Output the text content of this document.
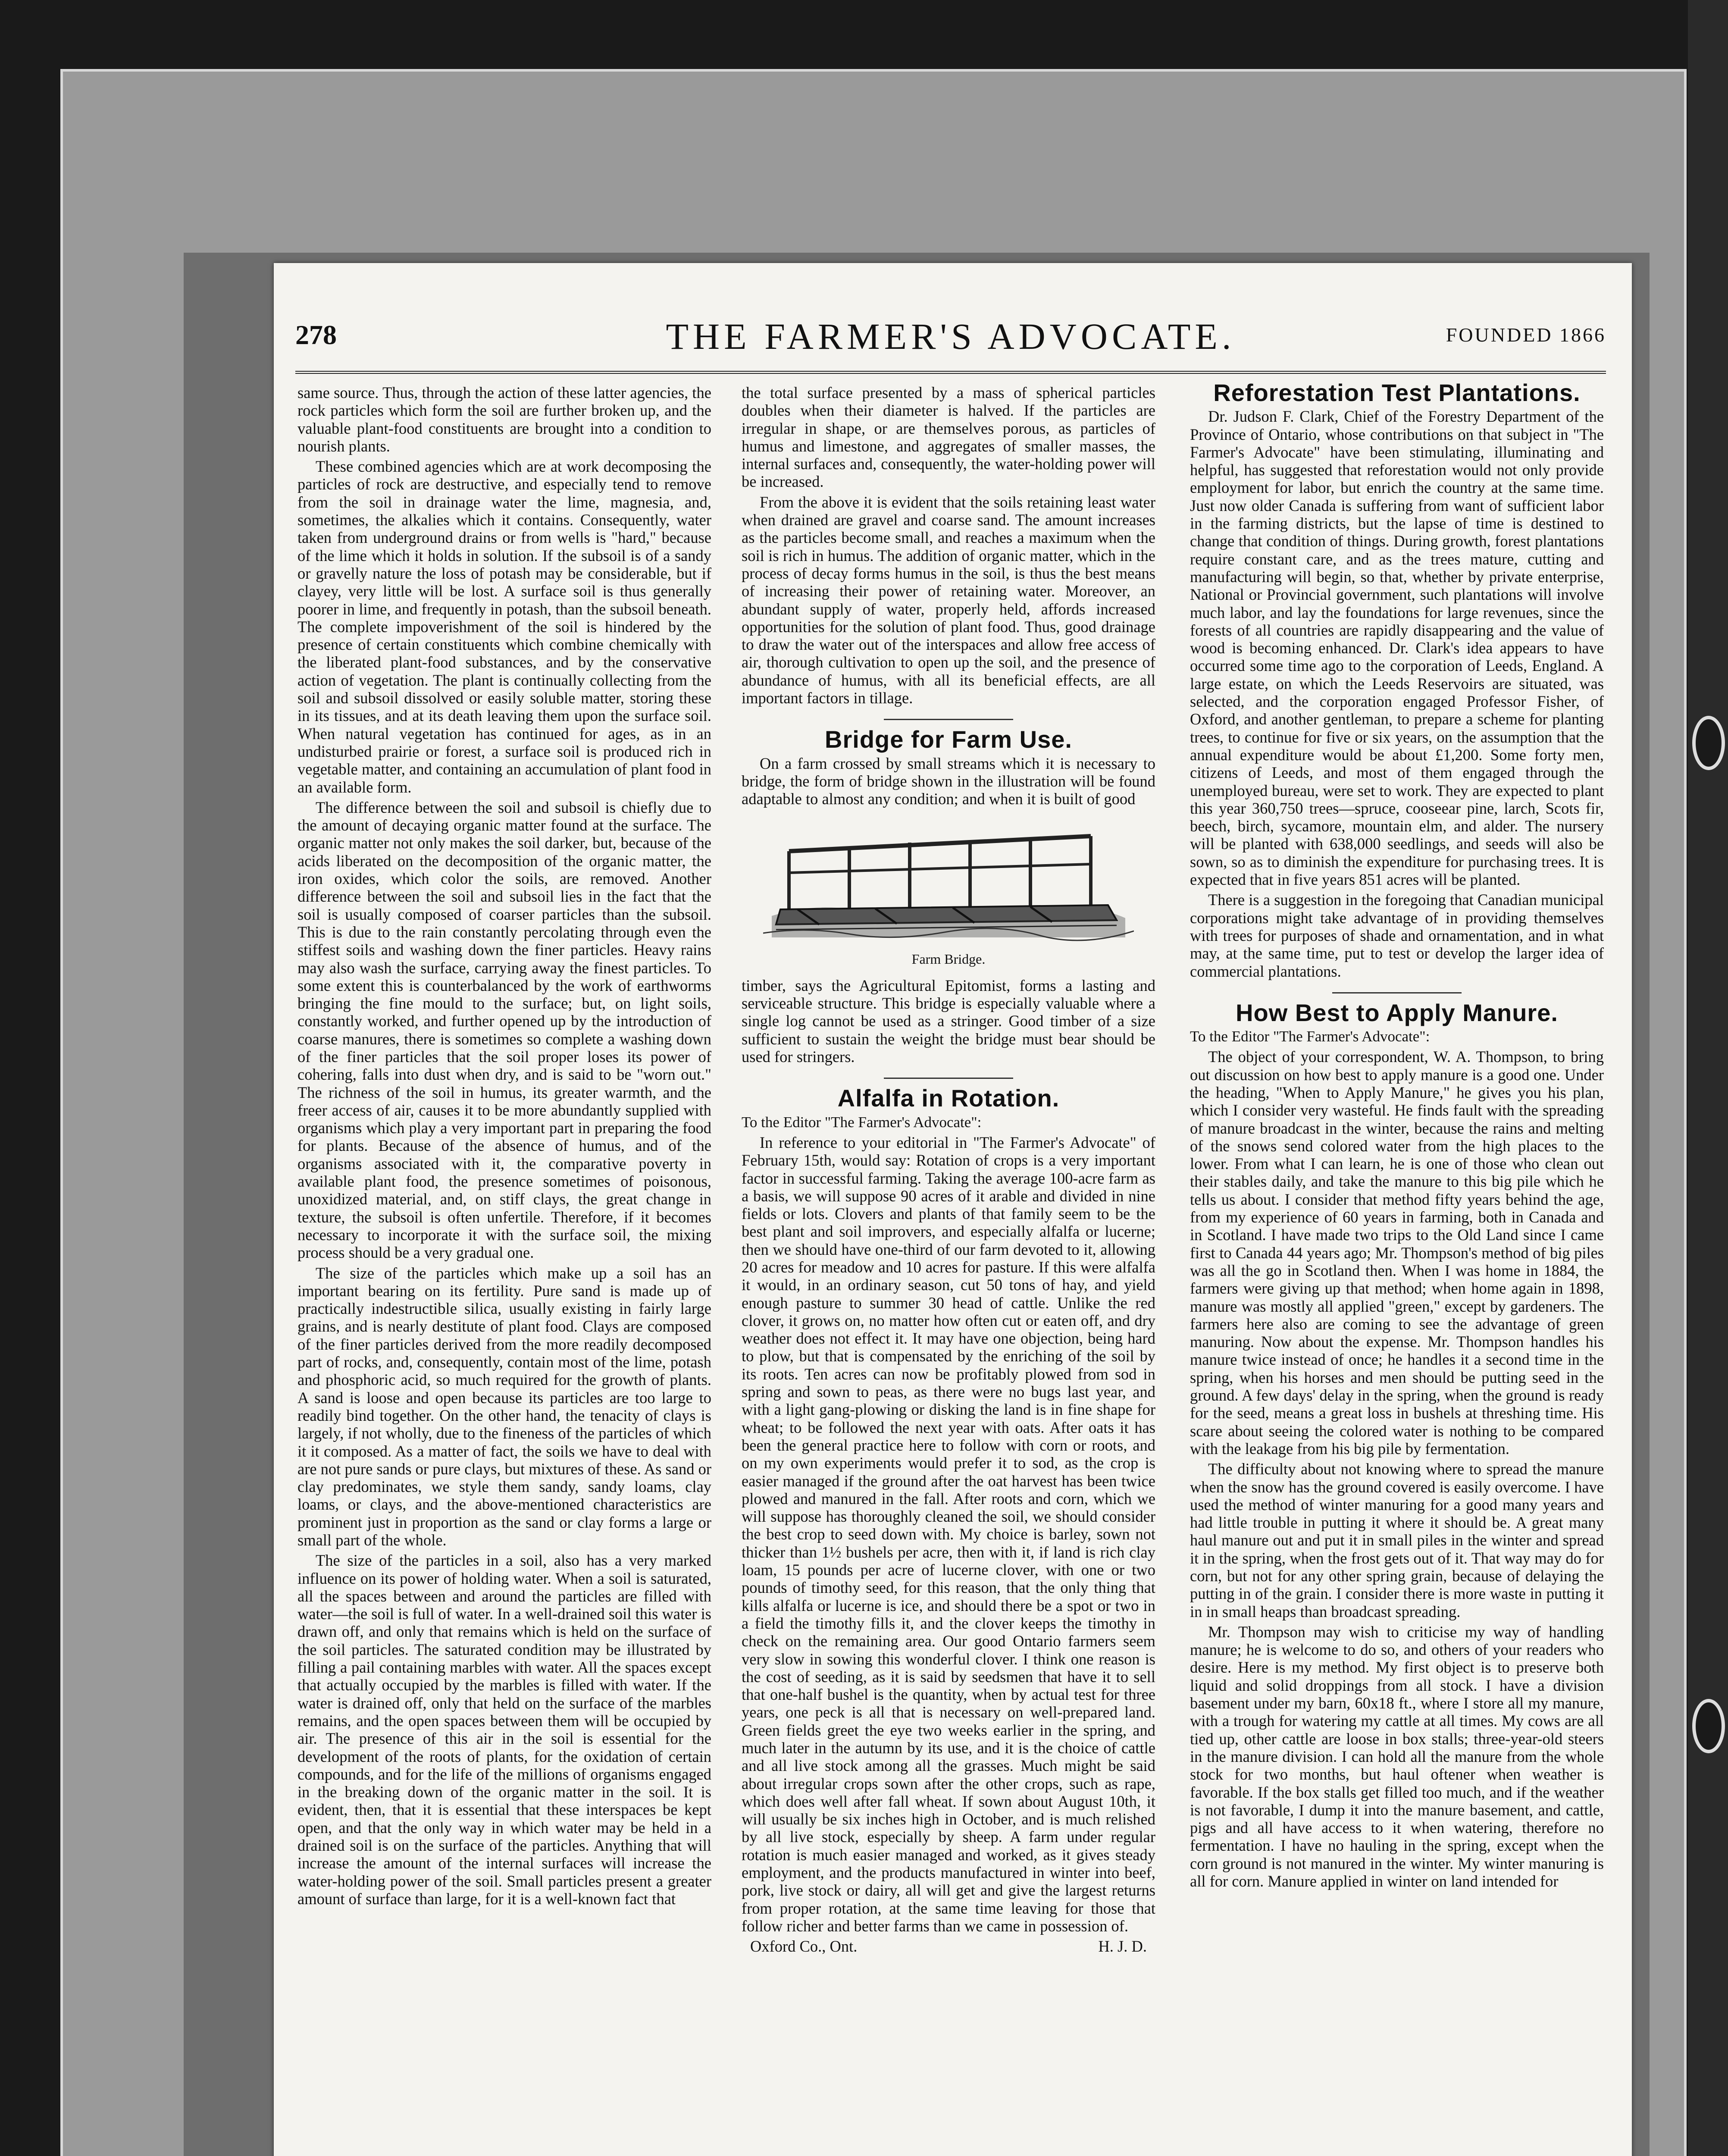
278	THE FARMER'S ADVOCATE.	FOUNDED 1866

same source. Thus, through the action of these latter agencies, the rock particles which form the soil are further broken up, and the valuable plant-food constituents are brought into a condition to nourish plants.

These combined agencies which are at work decomposing the particles of rock are destructive, and especially tend to remove from the soil in drainage water the lime, magnesia, and, sometimes, the alkalies which it contains. Consequently, water taken from underground drains or from wells is "hard," because of the lime which it holds in solution. If the subsoil is of a sandy or gravelly nature the loss of potash may be considerable, but if clayey, very little will be lost. A surface soil is thus generally poorer in lime, and frequently in potash, than the subsoil beneath. The complete impoverishment of the soil is hindered by the presence of certain constituents which combine chemically with the liberated plant-food substances, and by the conservative action of vegetation. The plant is continually collecting from the soil and subsoil dissolved or easily soluble matter, storing these in its tissues, and at its death leaving them upon the surface soil. When natural vegetation has continued for ages, as in an undisturbed prairie or forest, a surface soil is produced rich in vegetable matter, and containing an accumulation of plant food in an available form.

The difference between the soil and subsoil is chiefly due to the amount of decaying organic matter found at the surface. The organic matter not only makes the soil darker, but, because of the acids liberated on the decomposition of the organic matter, the iron oxides, which color the soils, are removed. Another difference between the soil and subsoil lies in the fact that the soil is usually composed of coarser particles than the subsoil. This is due to the rain constantly percolating through even the stiffest soils and washing down the finer particles. Heavy rains may also wash the surface, carrying away the finest particles. To some extent this is counterbalanced by the work of earthworms bringing the fine mould to the surface; but, on light soils, constantly worked, and further opened up by the introduction of coarse manures, there is sometimes so complete a washing down of the finer particles that the soil proper loses its power of cohering, falls into dust when dry, and is said to be "worn out." The richness of the soil in humus, its greater warmth, and the freer access of air, causes it to be more abundantly supplied with organisms which play a very important part in preparing the food for plants. Because of the absence of humus, and of the organisms associated with it, the comparative poverty in available plant food, the presence sometimes of poisonous, unoxidized material, and, on stiff clays, the great change in texture, the subsoil is often unfertile. Therefore, if it becomes necessary to incorporate it with the surface soil, the mixing process should be a very gradual one.

The size of the particles which make up a soil has an important bearing on its fertility. Pure sand is made up of practically indestructible silica, usually existing in fairly large grains, and is nearly destitute of plant food. Clays are composed of the finer particles derived from the more readily decomposed part of rocks, and, consequently, contain most of the lime, potash and phosphoric acid, so much required for the growth of plants. A sand is loose and open because its particles are too large to readily bind together. On the other hand, the tenacity of clays is largely, if not wholly, due to the fineness of the particles of which it it composed. As a matter of fact, the soils we have to deal with are not pure sands or pure clays, but mixtures of these. As sand or clay predominates, we style them sandy, sandy loams, clay loams, or clays, and the above-mentioned characteristics are prominent just in proportion as the sand or clay forms a large or small part of the whole.

The size of the particles in a soil, also has a very marked influence on its power of holding water. When a soil is saturated, all the spaces between and around the particles are filled with water—the soil is full of water. In a well-drained soil this water is drawn off, and only that remains which is held on the surface of the soil particles. The saturated condition may be illustrated by filling a pail containing marbles with water. All the spaces except that actually occupied by the marbles is filled with water. If the water is drained off, only that held on the surface of the marbles remains, and the open spaces between them will be occupied by air. The presence of this air in the soil is essential for the development of the roots of plants, for the oxidation of certain compounds, and for the life of the millions of organisms engaged in the breaking down of the organic matter in the soil. It is evident, then, that it is essential that these interspaces be kept open, and that the only way in which water may be held in a drained soil is on the surface of the particles. Anything that will increase the amount of the internal surfaces will increase the water-holding power of the soil. Small particles present a greater amount of surface than large, for it is a well-known fact that

the total surface presented by a mass of spherical particles doubles when their diameter is halved. If the particles are irregular in shape, or are themselves porous, as particles of humus and limestone, and aggregates of smaller masses, the internal surfaces and, consequently, the water-holding power will be increased.

From the above it is evident that the soils retaining least water when drained are gravel and coarse sand. The amount increases as the particles become small, and reaches a maximum when the soil is rich in humus. The addition of organic matter, which in the process of decay forms humus in the soil, is thus the best means of increasing their power of retaining water. Moreover, an abundant supply of water, properly held, affords increased opportunities for the solution of plant food. Thus, good drainage to draw the water out of the interspaces and allow free access of air, thorough cultivation to open up the soil, and the presence of abundance of humus, with all its beneficial effects, are all important factors in tillage.

Bridge for Farm Use.

On a farm crossed by small streams which it is necessary to bridge, the form of bridge shown in the illustration will be found adaptable to almost any condition; and when it is built of good

Farm Bridge.

timber, says the Agricultural Epitomist, forms a lasting and serviceable structure. This bridge is especially valuable where a single log cannot be used as a stringer. Good timber of a size sufficient to sustain the weight the bridge must bear should be used for stringers.

Alfalfa in Rotation.

To the Editor "The Farmer's Advocate":

In reference to your editorial in "The Farmer's Advocate" of February 15th, would say: Rotation of crops is a very important factor in successful farming. Taking the average 100-acre farm as a basis, we will suppose 90 acres of it arable and divided in nine fields or lots. Clovers and plants of that family seem to be the best plant and soil improvers, and especially alfalfa or lucerne; then we should have one-third of our farm devoted to it, allowing 20 acres for meadow and 10 acres for pasture. If this were alfalfa it would, in an ordinary season, cut 50 tons of hay, and yield enough pasture to summer 30 head of cattle. Unlike the red clover, it grows on, no matter how often cut or eaten off, and dry weather does not effect it. It may have one objection, being hard to plow, but that is compensated by the enriching of the soil by its roots. Ten acres can now be profitably plowed from sod in spring and sown to peas, as there were no bugs last year, and with a light gang-plowing or disking the land is in fine shape for wheat; to be followed the next year with oats. After oats it has been the general practice here to follow with corn or roots, and on my own experiments would prefer it to sod, as the crop is easier managed if the ground after the oat harvest has been twice plowed and manured in the fall. After roots and corn, which we will suppose has thoroughly cleaned the soil, we should consider the best crop to seed down with. My choice is barley, sown not thicker than 1½ bushels per acre, then with it, if land is rich clay loam, 15 pounds per acre of lucerne clover, with one or two pounds of timothy seed, for this reason, that the only thing that kills alfalfa or lucerne is ice, and should there be a spot or two in a field the timothy fills it, and the clover keeps the timothy in check on the remaining area. Our good Ontario farmers seem very slow in sowing this wonderful clover. I think one reason is the cost of seeding, as it is said by seedsmen that have it to sell that one-half bushel is the quantity, when by actual test for three years, one peck is all that is necessary on well-prepared land. Green fields greet the eye two weeks earlier in the spring, and much later in the autumn by its use, and it is the choice of cattle and all live stock among all the grasses. Much might be said about irregular crops sown after the other crops, such as rape, which does well after fall wheat. If sown about August 10th, it will usually be six inches high in October, and is much relished by all live stock, especially by sheep. A farm under regular rotation is much easier managed and worked, as it gives steady employment, and the products manufactured in winter into beef, pork, live stock or dairy, all will get and give the largest returns from proper rotation, at the same time leaving for those that follow richer and better farms than we came in possession of.

Oxford Co., Ont.	H. J. D.

Reforestation Test Plantations.

Dr. Judson F. Clark, Chief of the Forestry Department of the Province of Ontario, whose contributions on that subject in "The Farmer's Advocate" have been stimulating, illuminating and helpful, has suggested that reforestation would not only provide employment for labor, but enrich the country at the same time. Just now older Canada is suffering from want of sufficient labor in the farming districts, but the lapse of time is destined to change that condition of things. During growth, forest plantations require constant care, and as the trees mature, cutting and manufacturing will begin, so that, whether by private enterprise, National or Provincial government, such plantations will involve much labor, and lay the foundations for large revenues, since the forests of all countries are rapidly disappearing and the value of wood is becoming enhanced. Dr. Clark's idea appears to have occurred some time ago to the corporation of Leeds, England. A large estate, on which the Leeds Reservoirs are situated, was selected, and the corporation engaged Professor Fisher, of Oxford, and another gentleman, to prepare a scheme for planting trees, to continue for five or six years, on the assumption that the annual expenditure would be about £1,200. Some forty men, citizens of Leeds, and most of them engaged through the unemployed bureau, were set to work. They are expected to plant this year 360,750 trees—spruce, cooseear pine, larch, Scots fir, beech, birch, sycamore, mountain elm, and alder. The nursery will be planted with 638,000 seedlings, and seeds will also be sown, so as to diminish the expenditure for purchasing trees. It is expected that in five years 851 acres will be planted.

There is a suggestion in the foregoing that Canadian municipal corporations might take advantage of in providing themselves with trees for purposes of shade and ornamentation, and in what may, at the same time, put to test or develop the larger idea of commercial plantations.

How Best to Apply Manure.

To the Editor "The Farmer's Advocate":

The object of your correspondent, W. A. Thompson, to bring out discussion on how best to apply manure is a good one. Under the heading, "When to Apply Manure," he gives you his plan, which I consider very wasteful. He finds fault with the spreading of manure broadcast in the winter, because the rains and melting of the snows send colored water from the high places to the lower. From what I can learn, he is one of those who clean out their stables daily, and take the manure to this big pile which he tells us about. I consider that method fifty years behind the age, from my experience of 60 years in farming, both in Canada and in Scotland. I have made two trips to the Old Land since I came first to Canada 44 years ago; Mr. Thompson's method of big piles was all the go in Scotland then. When I was home in 1884, the farmers were giving up that method; when home again in 1898, manure was mostly all applied "green," except by gardeners. The farmers here also are coming to see the advantage of green manuring. Now about the expense. Mr. Thompson handles his manure twice instead of once; he handles it a second time in the spring, when his horses and men should be putting seed in the ground. A few days' delay in the spring, when the ground is ready for the seed, means a great loss in bushels at threshing time. His scare about seeing the colored water is nothing to be compared with the leakage from his big pile by fermentation.

The difficulty about not knowing where to spread the manure when the snow has the ground covered is easily overcome. I have used the method of winter manuring for a good many years and had little trouble in putting it where it should be. A great many haul manure out and put it in small piles in the winter and spread it in the spring, when the frost gets out of it. That way may do for corn, but not for any other spring grain, because of delaying the putting in of the grain. I consider there is more waste in putting it in in small heaps than broadcast spreading.

Mr. Thompson may wish to criticise my way of handling manure; he is welcome to do so, and others of your readers who desire. Here is my method. My first object is to preserve both liquid and solid droppings from all stock. I have a division basement under my barn, 60x18 ft., where I store all my manure, with a trough for watering my cattle at all times. My cows are all tied up, other cattle are loose in box stalls; three-year-old steers in the manure division. I can hold all the manure from the whole stock for two months, but haul oftener when weather is favorable. If the box stalls get filled too much, and if the weather is not favorable, I dump it into the manure basement, and cattle, pigs and all have access to it when watering, therefore no fermentation. I have no hauling in the spring, except when the corn ground is not manured in the winter. My winter manuring is all for corn. Manure applied in winter on land intended for
